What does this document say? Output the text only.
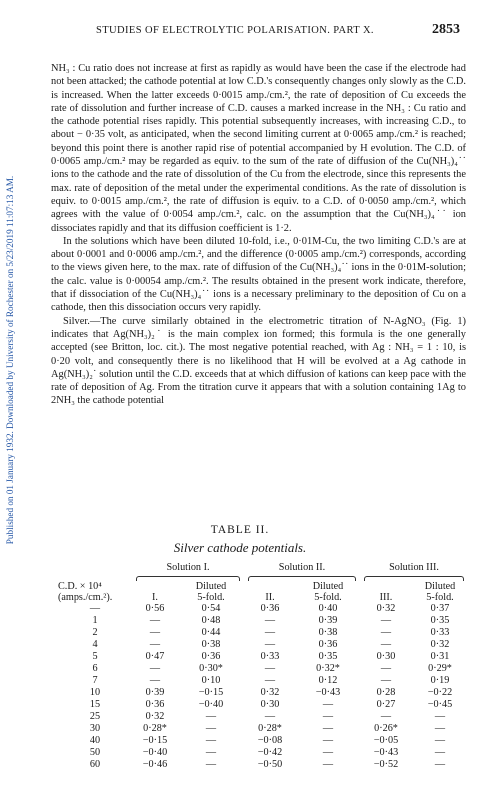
Published on 01 January 1932. Downloaded by University of Rochester on 5/23/2019 11:07:13 AM.
STUDIES OF ELECTROLYTIC POLARISATION. PART X.	2853

NH₃ : Cu ratio does not increase at first as rapidly as would have been the case if the electrode had not been attacked; the cathode potential at low C.D.'s consequently changes only slowly as the C.D. is increased. When the latter exceeds 0·0015 amp./cm.², the rate of deposition of Cu exceeds the rate of dissolution and further increase of C.D. causes a marked increase in the NH₃ : Cu ratio and the cathode potential rises rapidly. This potential subsequently increases, with increasing C.D., to about − 0·35 volt, as anticipated, when the second limiting current at 0·0065 amp./cm.² is reached; beyond this point there is another rapid rise of potential accompanied by H evolution. The C.D. of 0·0065 amp./cm.² may be regarded as equiv. to the sum of the rate of diffusion of the Cu(NH₃)₄˙˙ ions to the cathode and the rate of dissolution of the Cu from the electrode, since this represents the max. rate of deposition of the metal under the experimental conditions. As the rate of dissolution is equiv. to 0·0015 amp./cm.², the rate of diffusion is equiv. to a C.D. of 0·0050 amp./cm.², which agrees with the value of 0·0054 amp./cm.², calc. on the assumption that the Cu(NH₃)₄˙˙ ion dissociates rapidly and that its diffusion coefficient is 1·2.

In the solutions which have been diluted 10-fold, i.e., 0·01M-Cu, the two limiting C.D.'s are at about 0·0001 and 0·0006 amp./cm.², and the difference (0·0005 amp./cm.²) corresponds, according to the views given here, to the max. rate of diffusion of the Cu(NH₃)₄˙˙ ions in the 0·01M-solution; the calc. value is 0·00054 amp./cm.². The results obtained in the present work indicate, therefore, that if dissociation of the Cu(NH₃)₄˙˙ ions is a necessary preliminary to the deposition of Cu on a cathode, then this dissociation occurs very rapidly.

Silver.—The curve similarly obtained in the electrometric titration of N-AgNO₃ (Fig. 1) indicates that Ag(NH₃)₂˙ is the main complex ion formed; this formula is the one generally accepted (see Britton, loc. cit.). The most negative potential reached, with Ag : NH₃ = 1 : 10, is 0·20 volt, and consequently there is no likelihood that H will be evolved at a Ag cathode in Ag(NH₃)₂˙ solution until the C.D. exceeds that at which diffusion of kations can keep pace with the rate of deposition of Ag. From the titration curve it appears that with a solution containing 1Ag to 2NH₃ the cathode potential

TABLE II.
Silver cathode potentials.
	Solution I.		Solution II.		Solution III.	

C.D. × 10⁴		Diluted		Diluted		Diluted
(amps./cm.²).	I.	5-fold.	II.	5-fold.	III.	5-fold.
—	0·56	0·54	0·36	0·40	0·32	0·37
1	—	0·48	—	0·39	—	0·35
2	—	0·44	—	0·38	—	0·33
4	—	0·38	—	0·36	—	0·32
5	0·47	0·36	0·33	0·35	0·30	0·31
6	—	0·30*	—	0·32*	—	0·29*
7	—	0·10	—	0·12	—	0·19
10	0·39	−0·15	0·32	−0·43	0·28	−0·22
15	0·36	−0·40	0·30	—	0·27	−0·45
25	0·32	—	—	—	—	—
30	0·28*	—	0·28*	—	0·26*	—
40	−0·15	—	−0·08	—	−0·05	—
50	−0·40	—	−0·42	—	−0·43	—
60	−0·46	—	−0·50	—	−0·52	—
